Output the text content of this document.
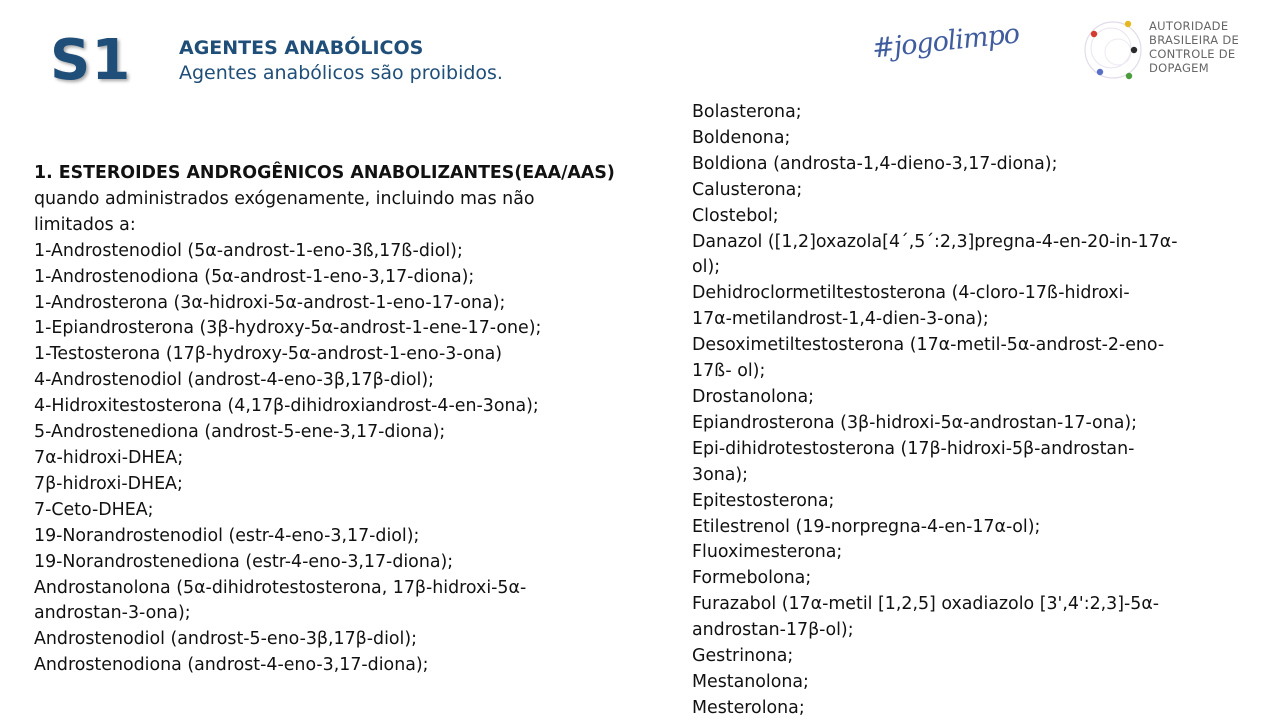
S1	AGENTES ANABÓLICOS
Agentes anabólicos são proibidos.
#jogolimpo	AUTORIDADE
BRASILEIRA DE
CONTROLE DE
DOPAGEM
1. ESTEROIDES ANDROGÊNICOS ANABOLIZANTES(EAA/AAS)
quando administrados exógenamente, incluindo mas não
limitados a:
1-Androstenodiol (5α-androst-1-eno-3ß,17ß-diol);
1-Androstenodiona (5α-androst-1-eno-3,17-diona);
1-Androsterona (3α-hidroxi-5α-androst-1-eno-17-ona);
1-Epiandrosterona (3β-hydroxy-5α-androst-1-ene-17-one);
1-Testosterona (17β-hydroxy-5α-androst-1-eno-3-ona)
4-Androstenodiol (androst-4-eno-3β,17β-diol);
4-Hidroxitestosterona (4,17β-dihidroxiandrost-4-en-3ona);
5-Androstenediona (androst-5-ene-3,17-diona);
7α-hidroxi-DHEA;
7β-hidroxi-DHEA;
7-Ceto-DHEA;
19-Norandrostenodiol (estr-4-eno-3,17-diol);
19-Norandrostenediona (estr-4-eno-3,17-diona);
Androstanolona (5α-dihidrotestosterona, 17β-hidroxi-5α-
androstan-3-ona);
Androstenodiol (androst-5-eno-3β,17β-diol);
Androstenodiona (androst-4-eno-3,17-diona);
Bolasterona;
Boldenona;
Boldiona (androsta-1,4-dieno-3,17-diona);
Calusterona;
Clostebol;
Danazol ([1,2]oxazola[4´,5´:2,3]pregna-4-en-20-in-17α-
ol);
Dehidroclormetiltestosterona (4-cloro-17ß-hidroxi-
17α-metilandrost-1,4-dien-3-ona);
Desoximetiltestosterona (17α-metil-5α-androst-2-eno-
17ß- ol);
Drostanolona;
Epiandrosterona (3β-hidroxi-5α-androstan-17-ona);
Epi-dihidrotestosterona (17β-hidroxi-5β-androstan-
3ona);
Epitestosterona;
Etilestrenol (19-norpregna-4-en-17α-ol);
Fluoximesterona;
Formebolona;
Furazabol (17α-metil [1,2,5] oxadiazolo [3',4':2,3]-5α-
androstan-17β-ol);
Gestrinona;
Mestanolona;
Mesterolona;
